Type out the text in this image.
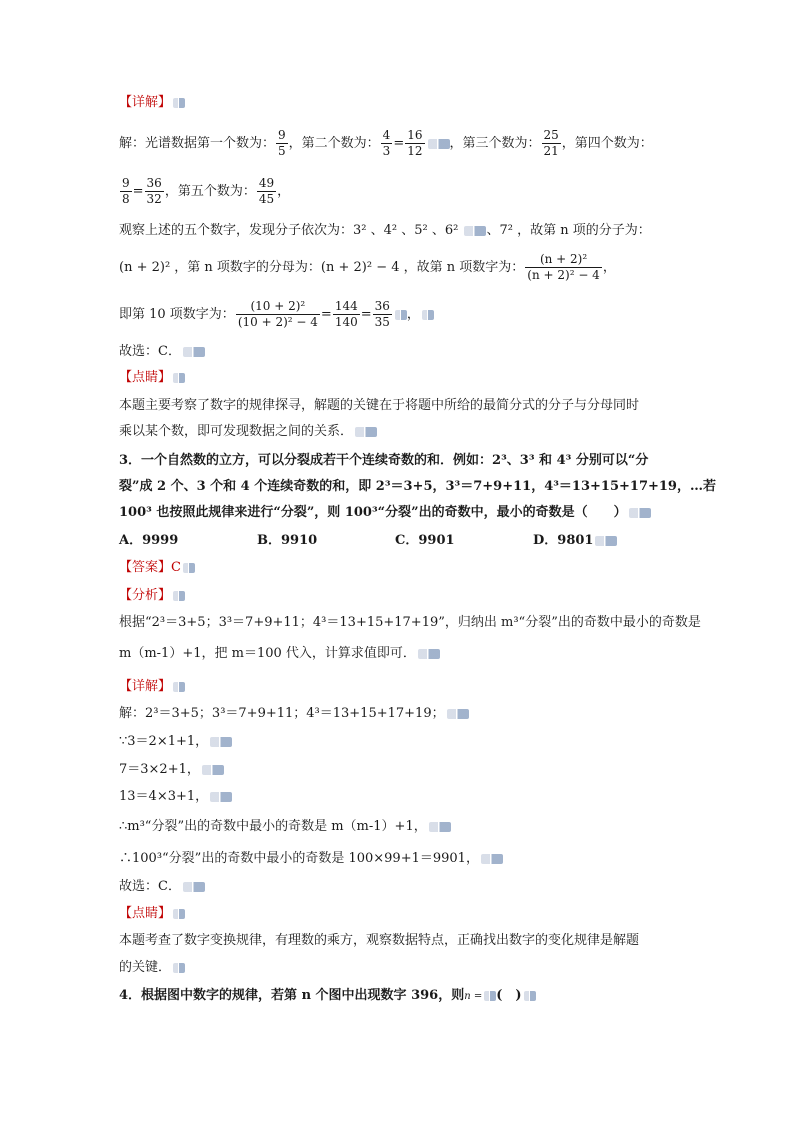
【详解】
解：光谱数据第一个数为： $\frac{9}{5}$ ，第二个数为： $\frac{4}{3} = \frac{16}{12}$ ，第三个数为： $\frac{25}{21}$ ，第四个数为：
$\frac{9}{8} = \frac{36}{32}$ ，第五个数为： $\frac{49}{45}$ ，
观察上述的五个数字，发现分子依次为：3² 、4² 、5² 、6² 、7² ，故第 n 项的分子为：
(n + 2)² ，第 n 项数字的分母为：(n + 2)² − 4 ，故第 n 项数字为： $\frac{\text{(n + 2)²}}{\text{(n + 2)² − 4}}$ ，
即第 10 项数字为： $\frac{\text{(10 + 2)²}}{\text{(10 + 2)² − 4}} = \frac{144}{140} = \frac{36}{35}$ ，
故选：C．
【点睛】
本题主要考察了数字的规律探寻，解题的关键在于将题中所给的最简分式的分子与分母同时
乘以某个数，即可发现数据之间的关系．
3．一个自然数的立方，可以分裂成若干个连续奇数的和．例如：2³、3³ 和 4³ 分别可以“分
裂”成 2 个、3 个和 4 个连续奇数的和，即 2³＝3+5，3³＝7+9+11，4³＝13+15+17+19，…若
100³ 也按照此规律来进行“分裂”，则 100³“分裂”出的奇数中，最小的奇数是（　　）
A．9999	B．9910	C．9901	D．9801
【答案】C
【分析】
根据“2³＝3+5；3³＝7+9+11；4³＝13+15+17+19”，归纳出 m³“分裂”出的奇数中最小的奇数是
m（m-1）+1，把 m＝100 代入，计算求值即可．
【详解】
解：2³＝3+5；3³＝7+9+11；4³＝13+15+17+19；
∵3＝2×1+1，
7＝3×2+1，
13＝4×3+1，
∴m³“分裂”出的奇数中最小的奇数是 m（m-1）+1，
∴100³“分裂”出的奇数中最小的奇数是 100×99+1＝9901，
故选：C．
【点睛】
本题考查了数字变换规律，有理数的乘方，观察数据特点，正确找出数字的变化规律是解题
的关键．
4．根据图中数字的规律，若第 n 个图中出现数字 396，则n = (　)
